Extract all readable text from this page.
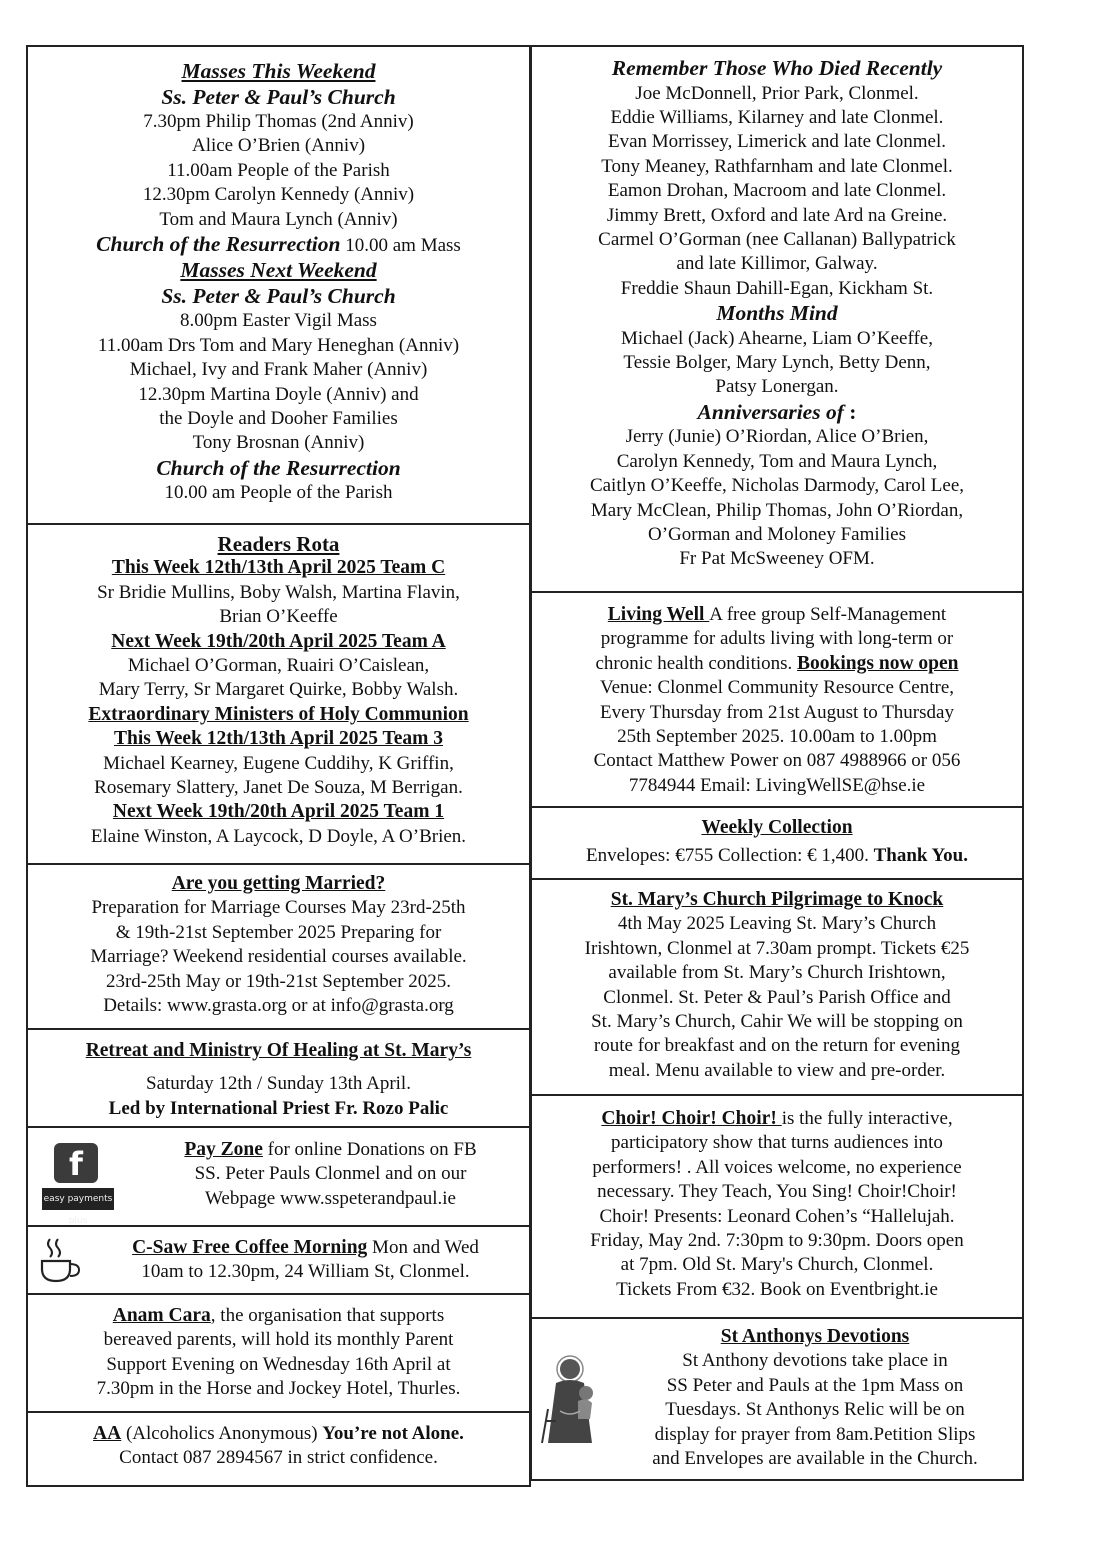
Masses This Weekend
Ss. Peter & Paul’s Church
7.30pm Philip Thomas (2nd Anniv)
Alice O’Brien (Anniv)
11.00am People of the Parish
12.30pm Carolyn Kennedy (Anniv)
Tom and Maura Lynch (Anniv)
Church of the Resurrection 10.00 am Mass
Masses Next Weekend
Ss. Peter & Paul’s Church
8.00pm Easter Vigil Mass
11.00am Drs Tom and Mary Heneghan (Anniv)
Michael, Ivy and Frank Maher (Anniv)
12.30pm Martina Doyle (Anniv) and
the Doyle and Dooher Families
Tony Brosnan (Anniv)
Church of the Resurrection
10.00 am People of the Parish
Readers Rota
This Week 12th/13th April 2025 Team C
Sr Bridie Mullins, Boby Walsh, Martina Flavin,
Brian O’Keeffe
Next Week 19th/20th April 2025 Team A
Michael O’Gorman, Ruairi O’Caislean,
Mary Terry, Sr Margaret Quirke, Bobby Walsh.
Extraordinary Ministers of Holy Communion
This Week 12th/13th April 2025 Team 3
Michael Kearney, Eugene Cuddihy, K Griffin,
Rosemary Slattery, Janet De Souza, M Berrigan.
Next Week 19th/20th April 2025 Team 1
Elaine Winston, A Laycock, D Doyle, A O’Brien.
Are you getting Married?
Preparation for Marriage Courses May 23rd-25th
& 19th-21st September 2025 Preparing for
Marriage? Weekend residential courses available.
23rd-25th May or 19th-21st September 2025.
Details: www.grasta.org or at info@grasta.org
Retreat and Ministry Of Healing at St. Mary’s
Saturday 12th / Sunday 13th April.
Led by International Priest Fr. Rozo Palic
f
easy payments plus
Pay Zone for online Donations on FB
SS. Peter Pauls Clonmel and on our
Webpage www.sspeterandpaul.ie
C-Saw Free Coffee Morning Mon and Wed
10am to 12.30pm, 24 William St, Clonmel.
Anam Cara, the organisation that supports
bereaved parents, will hold its monthly Parent
Support Evening on Wednesday 16th April at
7.30pm in the Horse and Jockey Hotel, Thurles.
AA (Alcoholics Anonymous) You’re not Alone.
Contact 087 2894567 in strict confidence.
Remember Those Who Died Recently
Joe McDonnell, Prior Park, Clonmel.
Eddie Williams, Kilarney and late Clonmel.
Evan Morrissey, Limerick and late Clonmel.
Tony Meaney, Rathfarnham and late Clonmel.
Eamon Drohan, Macroom and late Clonmel.
Jimmy Brett, Oxford and late Ard na Greine.
Carmel O’Gorman (nee Callanan) Ballypatrick
and late Killimor, Galway.
Freddie Shaun Dahill-Egan, Kickham St.
Months Mind
Michael (Jack) Ahearne, Liam O’Keeffe,
Tessie Bolger, Mary Lynch, Betty Denn,
Patsy Lonergan.
Anniversaries of :
Jerry (Junie) O’Riordan, Alice O’Brien,
Carolyn Kennedy, Tom and Maura Lynch,
Caitlyn O’Keeffe, Nicholas Darmody, Carol Lee,
Mary McClean, Philip Thomas, John O’Riordan,
O’Gorman and Moloney Families
Fr Pat McSweeney OFM.
Living Well A free group Self-Management
programme for adults living with long-term or
chronic health conditions. Bookings now open
Venue: Clonmel Community Resource Centre,
Every Thursday from 21st August to Thursday
25th September 2025. 10.00am to 1.00pm
Contact Matthew Power on 087 4988966 or 056
7784944 Email: LivingWellSE@hse.ie
Weekly Collection
Envelopes: €755 Collection: € 1,400. Thank You.
St. Mary’s Church Pilgrimage to Knock
4th May 2025 Leaving St. Mary’s Church
Irishtown, Clonmel at 7.30am prompt. Tickets €25
available from St. Mary’s Church Irishtown,
Clonmel. St. Peter & Paul’s Parish Office and
St. Mary’s Church, Cahir We will be stopping on
route for breakfast and on the return for evening
meal. Menu available to view and pre-order.
Choir! Choir! Choir! is the fully interactive,
participatory show that turns audiences into
performers! . All voices welcome, no experience
necessary. They Teach, You Sing! Choir!Choir!
Choir! Presents: Leonard Cohen’s “Hallelujah.
Friday, May 2nd. 7:30pm to 9:30pm. Doors open
at 7pm. Old St. Mary's Church, Clonmel.
Tickets From €32. Book on Eventbright.ie
St Anthonys Devotions
St Anthony devotions take place in
SS Peter and Pauls at the 1pm Mass on
Tuesdays. St Anthonys Relic will be on
display for prayer from 8am.Petition Slips
and Envelopes are available in the Church.
